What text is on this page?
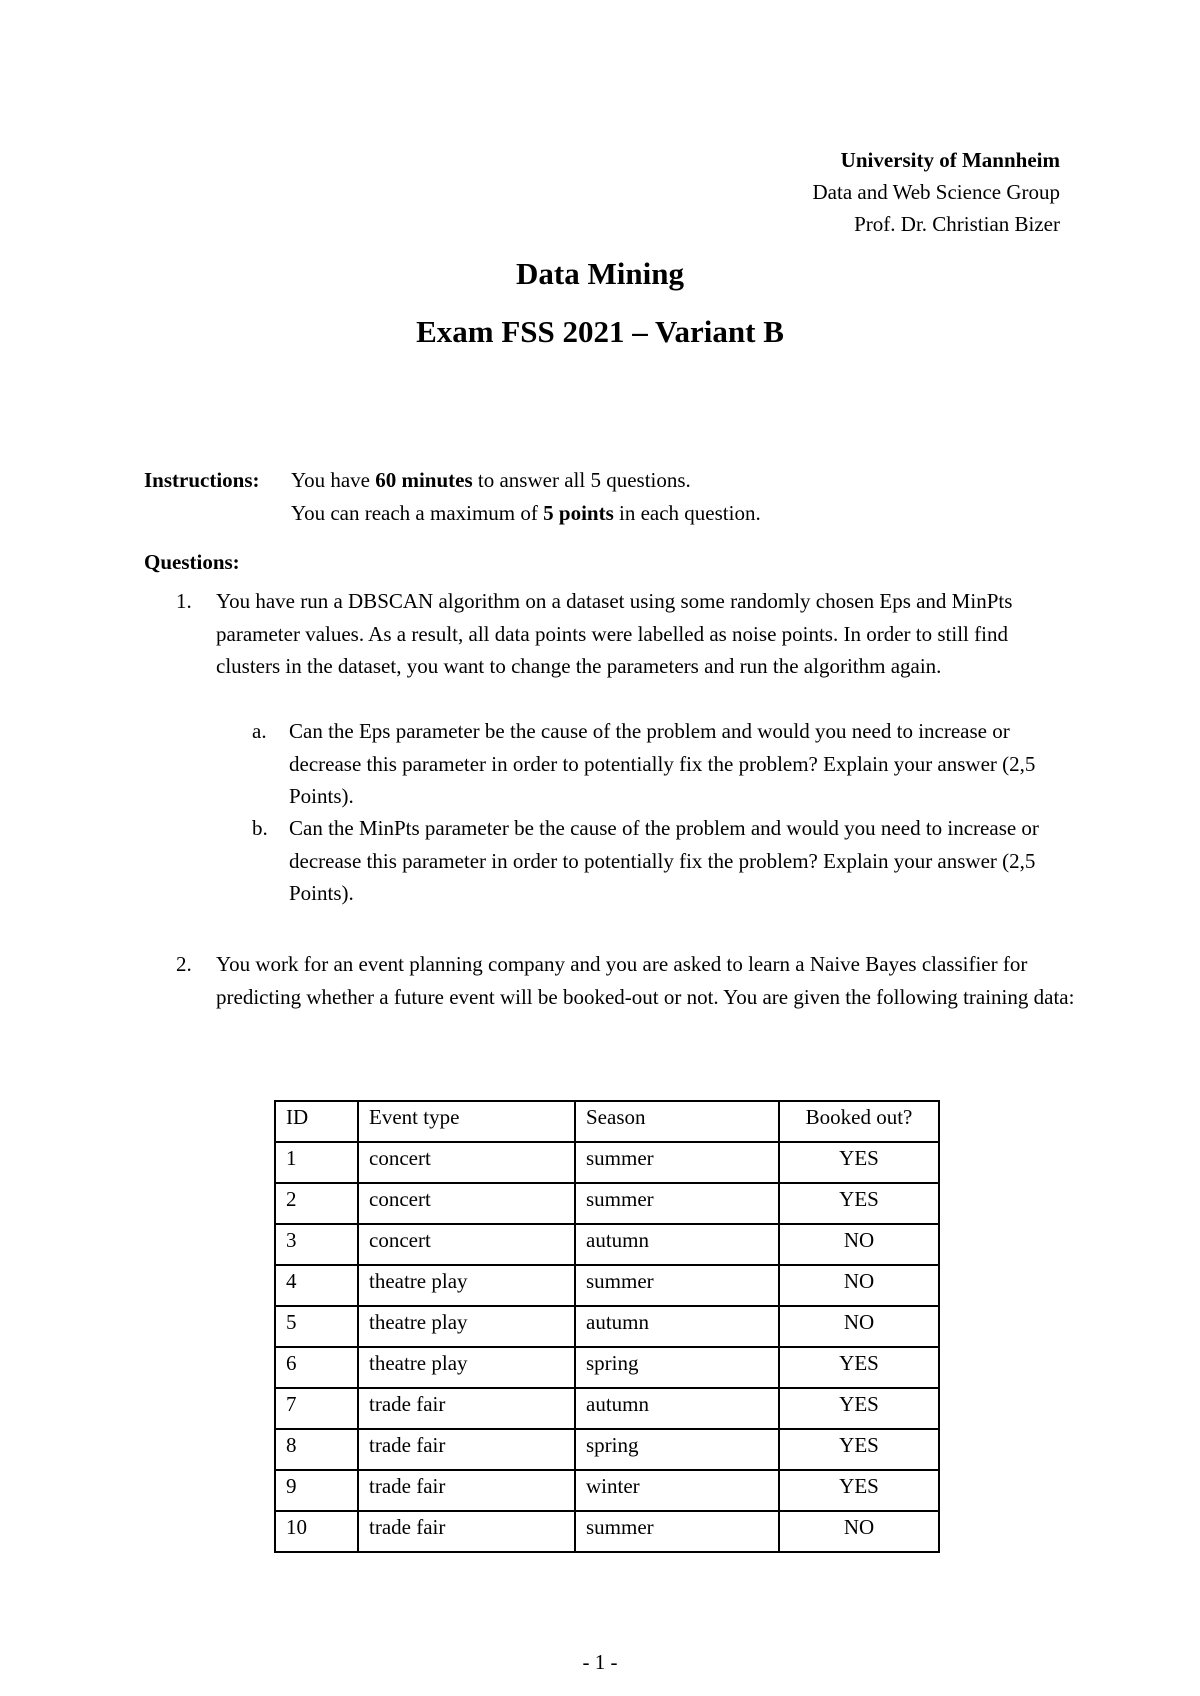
University of Mannheim
Data and Web Science Group
Prof. Dr. Christian Bizer
Data Mining
Exam FSS 2021 – Variant B
Instructions:	You have 60 minutes to answer all 5 questions.
You can reach a maximum of 5 points in each question.
Questions:
1. You have run a DBSCAN algorithm on a dataset using some randomly chosen Eps and MinPts parameter values. As a result, all data points were labelled as noise points. In order to still find clusters in the dataset, you want to change the parameters and run the algorithm again.
a. Can the Eps parameter be the cause of the problem and would you need to increase or decrease this parameter in order to potentially fix the problem? Explain your answer (2,5 Points).
b. Can the MinPts parameter be the cause of the problem and would you need to increase or decrease this parameter in order to potentially fix the problem? Explain your answer (2,5 Points).
2. You work for an event planning company and you are asked to learn a Naive Bayes classifier for predicting whether a future event will be booked-out or not. You are given the following training data:
ID	Event type	Season	Booked out?
1	concert	summer	YES
2	concert	summer	YES
3	concert	autumn	NO
4	theatre play	summer	NO
5	theatre play	autumn	NO
6	theatre play	spring	YES
7	trade fair	autumn	YES
8	trade fair	spring	YES
9	trade fair	winter	YES
10	trade fair	summer	NO
- 1 -
